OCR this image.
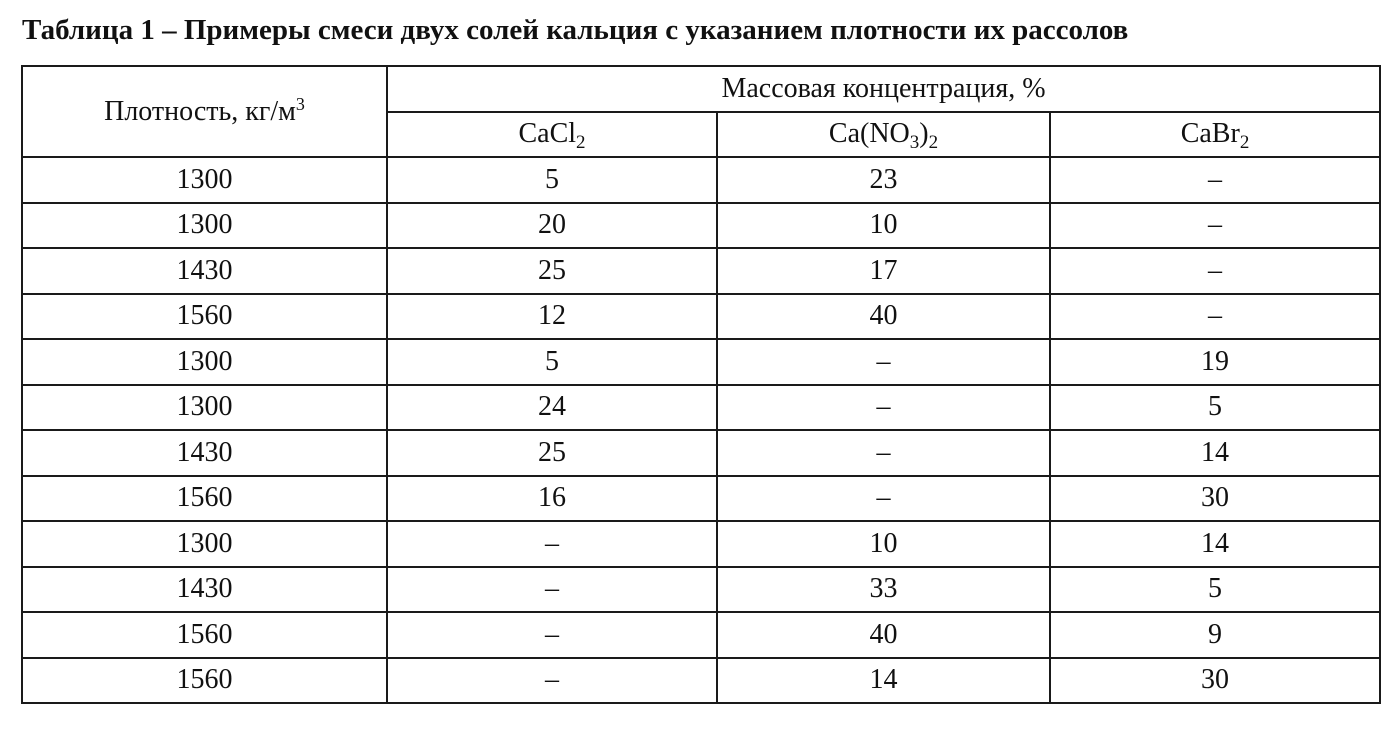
Таблица 1 – Примеры смеси двух солей кальция с указанием плотности их рассолов
Плотность, $кг/м^3$	Массовая концентрация, %		
	CaCl$_2$	$Ca(NO_3)_2$	CaBr$_2$
1300	5	23	–
1300	20	10	–
1430	25	17	–
1560	12	40	–
1300	5	–	19
1300	24	–	5
1430	25	–	14
1560	16	–	30
1300	–	10	14
1430	–	33	5
1560	–	40	9
1560	–	14	30
